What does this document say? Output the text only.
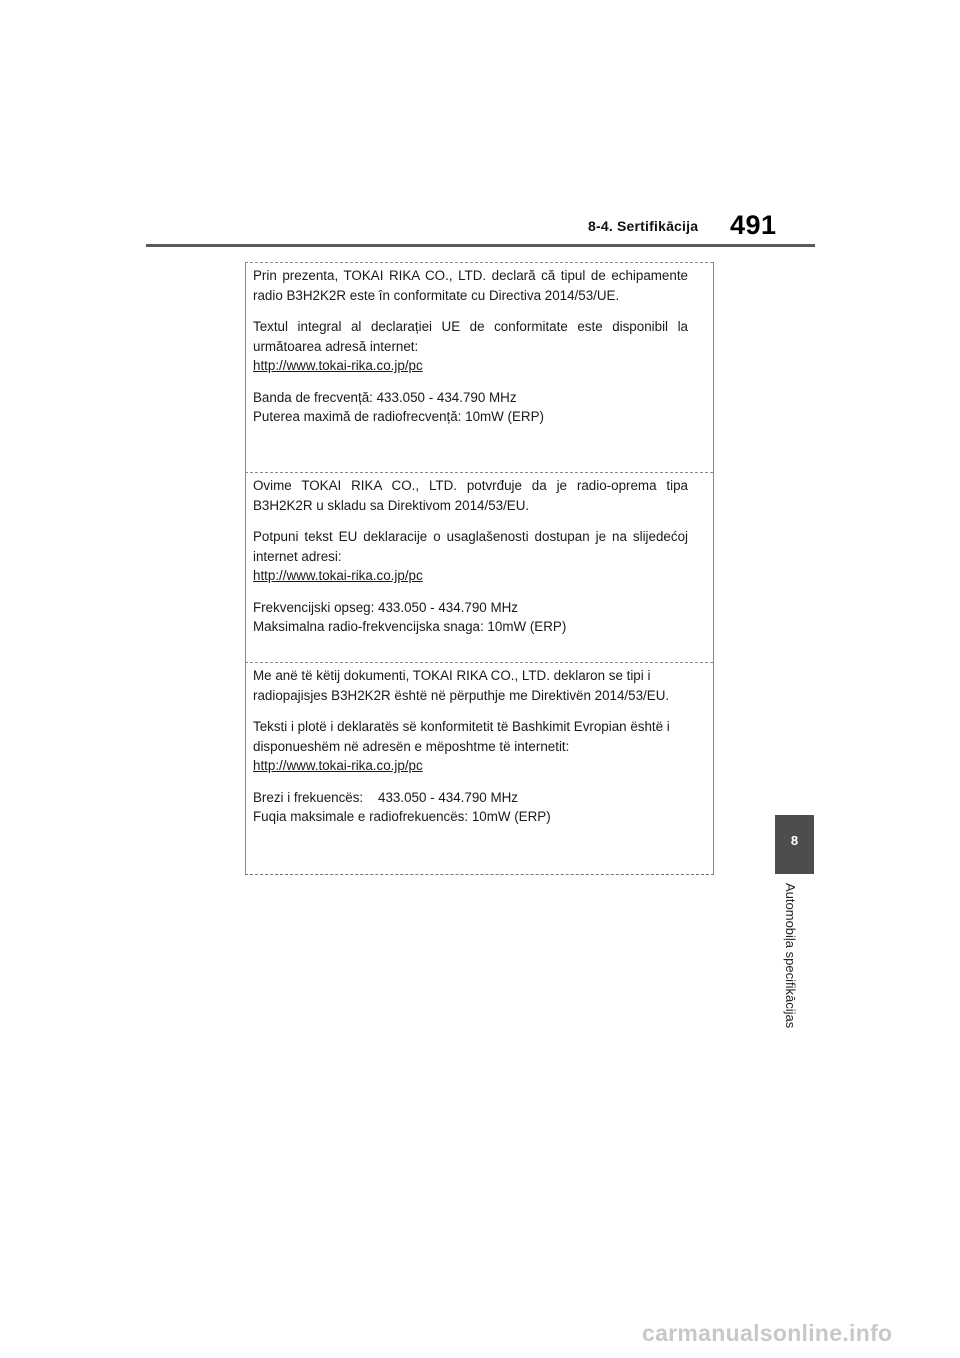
8-4. Sertifikācija 491

Prin prezenta, TOKAI RIKA CO., LTD. declară că tipul de echipamente radio B3H2K2R este în conformitate cu Directiva 2014/53/UE.

Textul integral al declarației UE de conformitate este disponibil la următoarea adresă internet:

http://www.tokai-rika.co.jp/pc

Banda de frecvență: 433.050 - 434.790 MHz

Puterea maximă de radiofrecvență: 10mW (ERP)

Ovime TOKAI RIKA CO., LTD. potvrđuje da je radio-oprema tipa B3H2K2R u skladu sa Direktivom 2014/53/EU.

Potpuni tekst EU deklaracije o usaglašenosti dostupan je na slijedećoj internet adresi:

http://www.tokai-rika.co.jp/pc

Frekvencijski opseg: 433.050 - 434.790 MHz

Maksimalna radio-frekvencijska snaga: 10mW (ERP)

Me anë të këtij dokumenti, TOKAI RIKA CO., LTD. deklaron se tipi i radiopajisjes B3H2K2R është në përputhje me Direktivën 2014/53/EU.

Teksti i plotë i deklaratës së konformitetit të Bashkimit Evropian është i disponueshëm në adresën e mëposhtme të internetit:

http://www.tokai-rika.co.jp/pc

Brezi i frekuencës:    433.050 - 434.790 MHz

Fuqia maksimale e radiofrekuencës: 10mW (ERP)

8
Automobiļa specifikācijas
carmanualsonline.info
